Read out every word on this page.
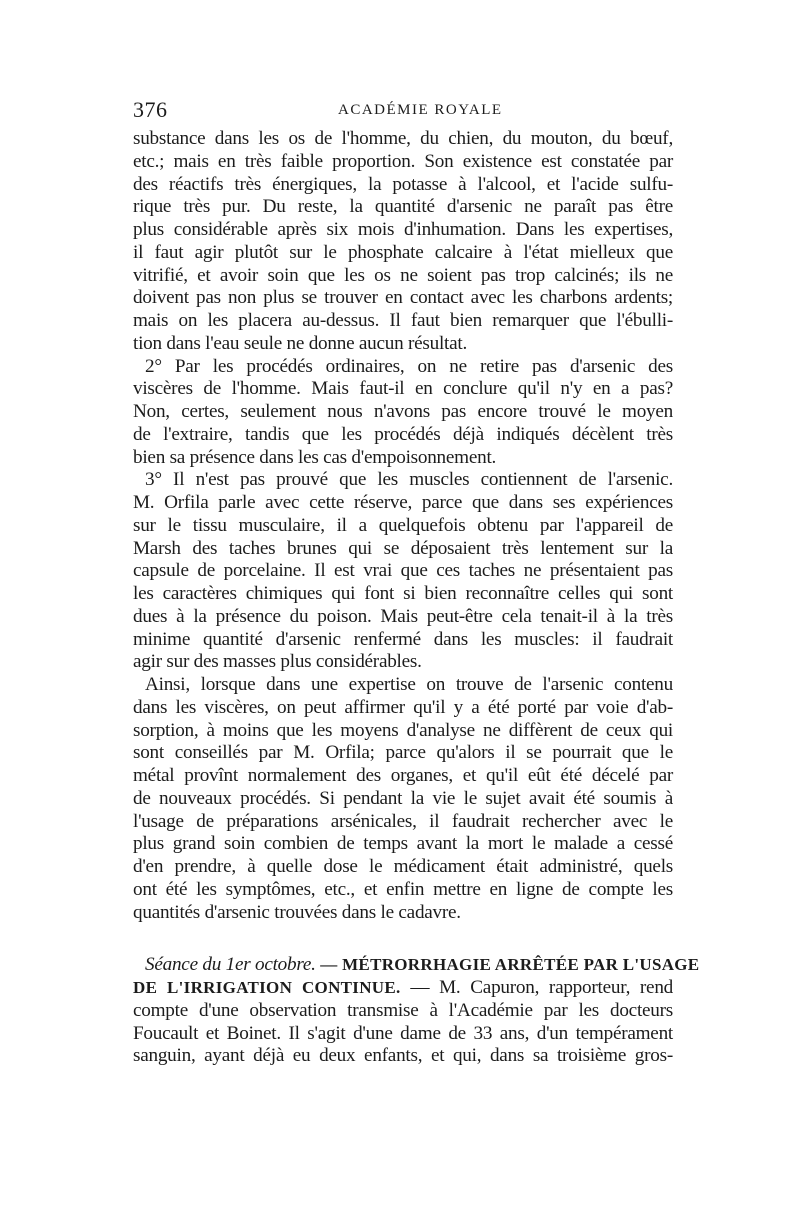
376	ACADÉMIE ROYALE
substance dans les os de l'homme, du chien, du mouton, du bœuf,
etc.; mais en très faible proportion. Son existence est constatée par
des réactifs très énergiques, la potasse à l'alcool, et l'acide sulfu-
rique très pur. Du reste, la quantité d'arsenic ne paraît pas être
plus considérable après six mois d'inhumation. Dans les expertises,
il faut agir plutôt sur le phosphate calcaire à l'état mielleux que
vitrifié, et avoir soin que les os ne soient pas trop calcinés; ils ne
doivent pas non plus se trouver en contact avec les charbons ardents;
mais on les placera au-dessus. Il faut bien remarquer que l'ébulli-
tion dans l'eau seule ne donne aucun résultat.
2° Par les procédés ordinaires, on ne retire pas d'arsenic des
viscères de l'homme. Mais faut-il en conclure qu'il n'y en a pas?
Non, certes, seulement nous n'avons pas encore trouvé le moyen
de l'extraire, tandis que les procédés déjà indiqués décèlent très
bien sa présence dans les cas d'empoisonnement.
3° Il n'est pas prouvé que les muscles contiennent de l'arsenic.
M. Orfila parle avec cette réserve, parce que dans ses expériences
sur le tissu musculaire, il a quelquefois obtenu par l'appareil de
Marsh des taches brunes qui se déposaient très lentement sur la
capsule de porcelaine. Il est vrai que ces taches ne présentaient pas
les caractères chimiques qui font si bien reconnaître celles qui sont
dues à la présence du poison. Mais peut-être cela tenait-il à la très
minime quantité d'arsenic renfermé dans les muscles: il faudrait
agir sur des masses plus considérables.
Ainsi, lorsque dans une expertise on trouve de l'arsenic contenu
dans les viscères, on peut affirmer qu'il y a été porté par voie d'ab-
sorption, à moins que les moyens d'analyse ne diffèrent de ceux qui
sont conseillés par M. Orfila; parce qu'alors il se pourrait que le
métal provînt normalement des organes, et qu'il eût été décelé par
de nouveaux procédés. Si pendant la vie le sujet avait été soumis à
l'usage de préparations arsénicales, il faudrait rechercher avec le
plus grand soin combien de temps avant la mort le malade a cessé
d'en prendre, à quelle dose le médicament était administré, quels
ont été les symptômes, etc., et enfin mettre en ligne de compte les
quantités d'arsenic trouvées dans le cadavre.
Séance du 1er octobre. — MÉTRORRHAGIE ARRÊTÉE PAR L'USAGE
DE L'IRRIGATION CONTINUE. — M. Capuron, rapporteur, rend
compte d'une observation transmise à l'Académie par les docteurs
Foucault et Boinet. Il s'agit d'une dame de 33 ans, d'un tempérament
sanguin, ayant déjà eu deux enfants, et qui, dans sa troisième gros-
